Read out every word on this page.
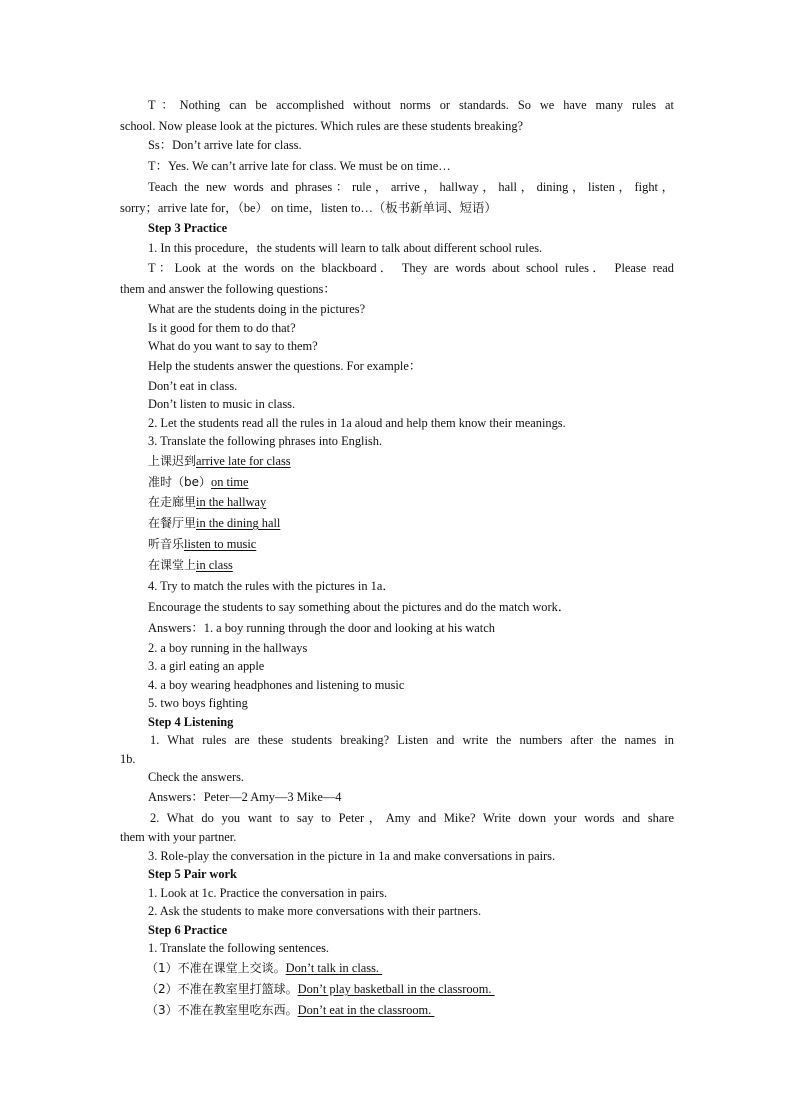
T：Nothing can be accomplished without norms or standards. So we have many rules at
school. Now please look at the pictures. Which rules are these students breaking?
Ss：Don’t arrive late for class.
T：Yes. We can’t arrive late for class. We must be on time…
Teach the new words and phrases：rule，arrive，hallway，hall，dining，listen，fight，
sorry；arrive late for，（be） on time，listen to…（板书新单词、短语）
Step 3 Practice
1. In this procedure，the students will learn to talk about different school rules.
T：Look at the words on the blackboard． They are words about school rules． Please read
them and answer the following questions：
What are the students doing in the pictures?
Is it good for them to do that?
What do you want to say to them?
Help the students answer the questions. For example：
Don’t eat in class.
Don’t listen to music in class.
2. Let the students read all the rules in 1a aloud and help them know their meanings.
3. Translate the following phrases into English.
上课迟到arrive late for class
准时（be）on time
在走廊里in the hallway
在餐厅里in the dining hall
听音乐listen to music
在课堂上in class
4. Try to match the rules with the pictures in 1a．
Encourage the students to say something about the pictures and do the match work．
Answers：1. a boy running through the door and looking at his watch
2. a boy running in the hallways
3. a girl eating an apple
4. a boy wearing headphones and listening to music
5. two boys fighting
Step 4 Listening
1. What rules are these students breaking? Listen and write the numbers after the names in
1b.
Check the answers.
Answers：Peter—2 Amy—3 Mike—4
2. What do you want to say to Peter，Amy and Mike? Write down your words and share
them with your partner.
3. Role-play the conversation in the picture in 1a and make conversations in pairs.
Step 5 Pair work
1. Look at 1c. Practice the conversation in pairs.
2. Ask the students to make more conversations with their partners.
Step 6 Practice
1. Translate the following sentences.
（1）不准在课堂上交谈。Don’t talk in class.
（2）不准在教室里打篮球。Don’t play basketball in the classroom.
（3）不准在教室里吃东西。Don’t eat in the classroom.
